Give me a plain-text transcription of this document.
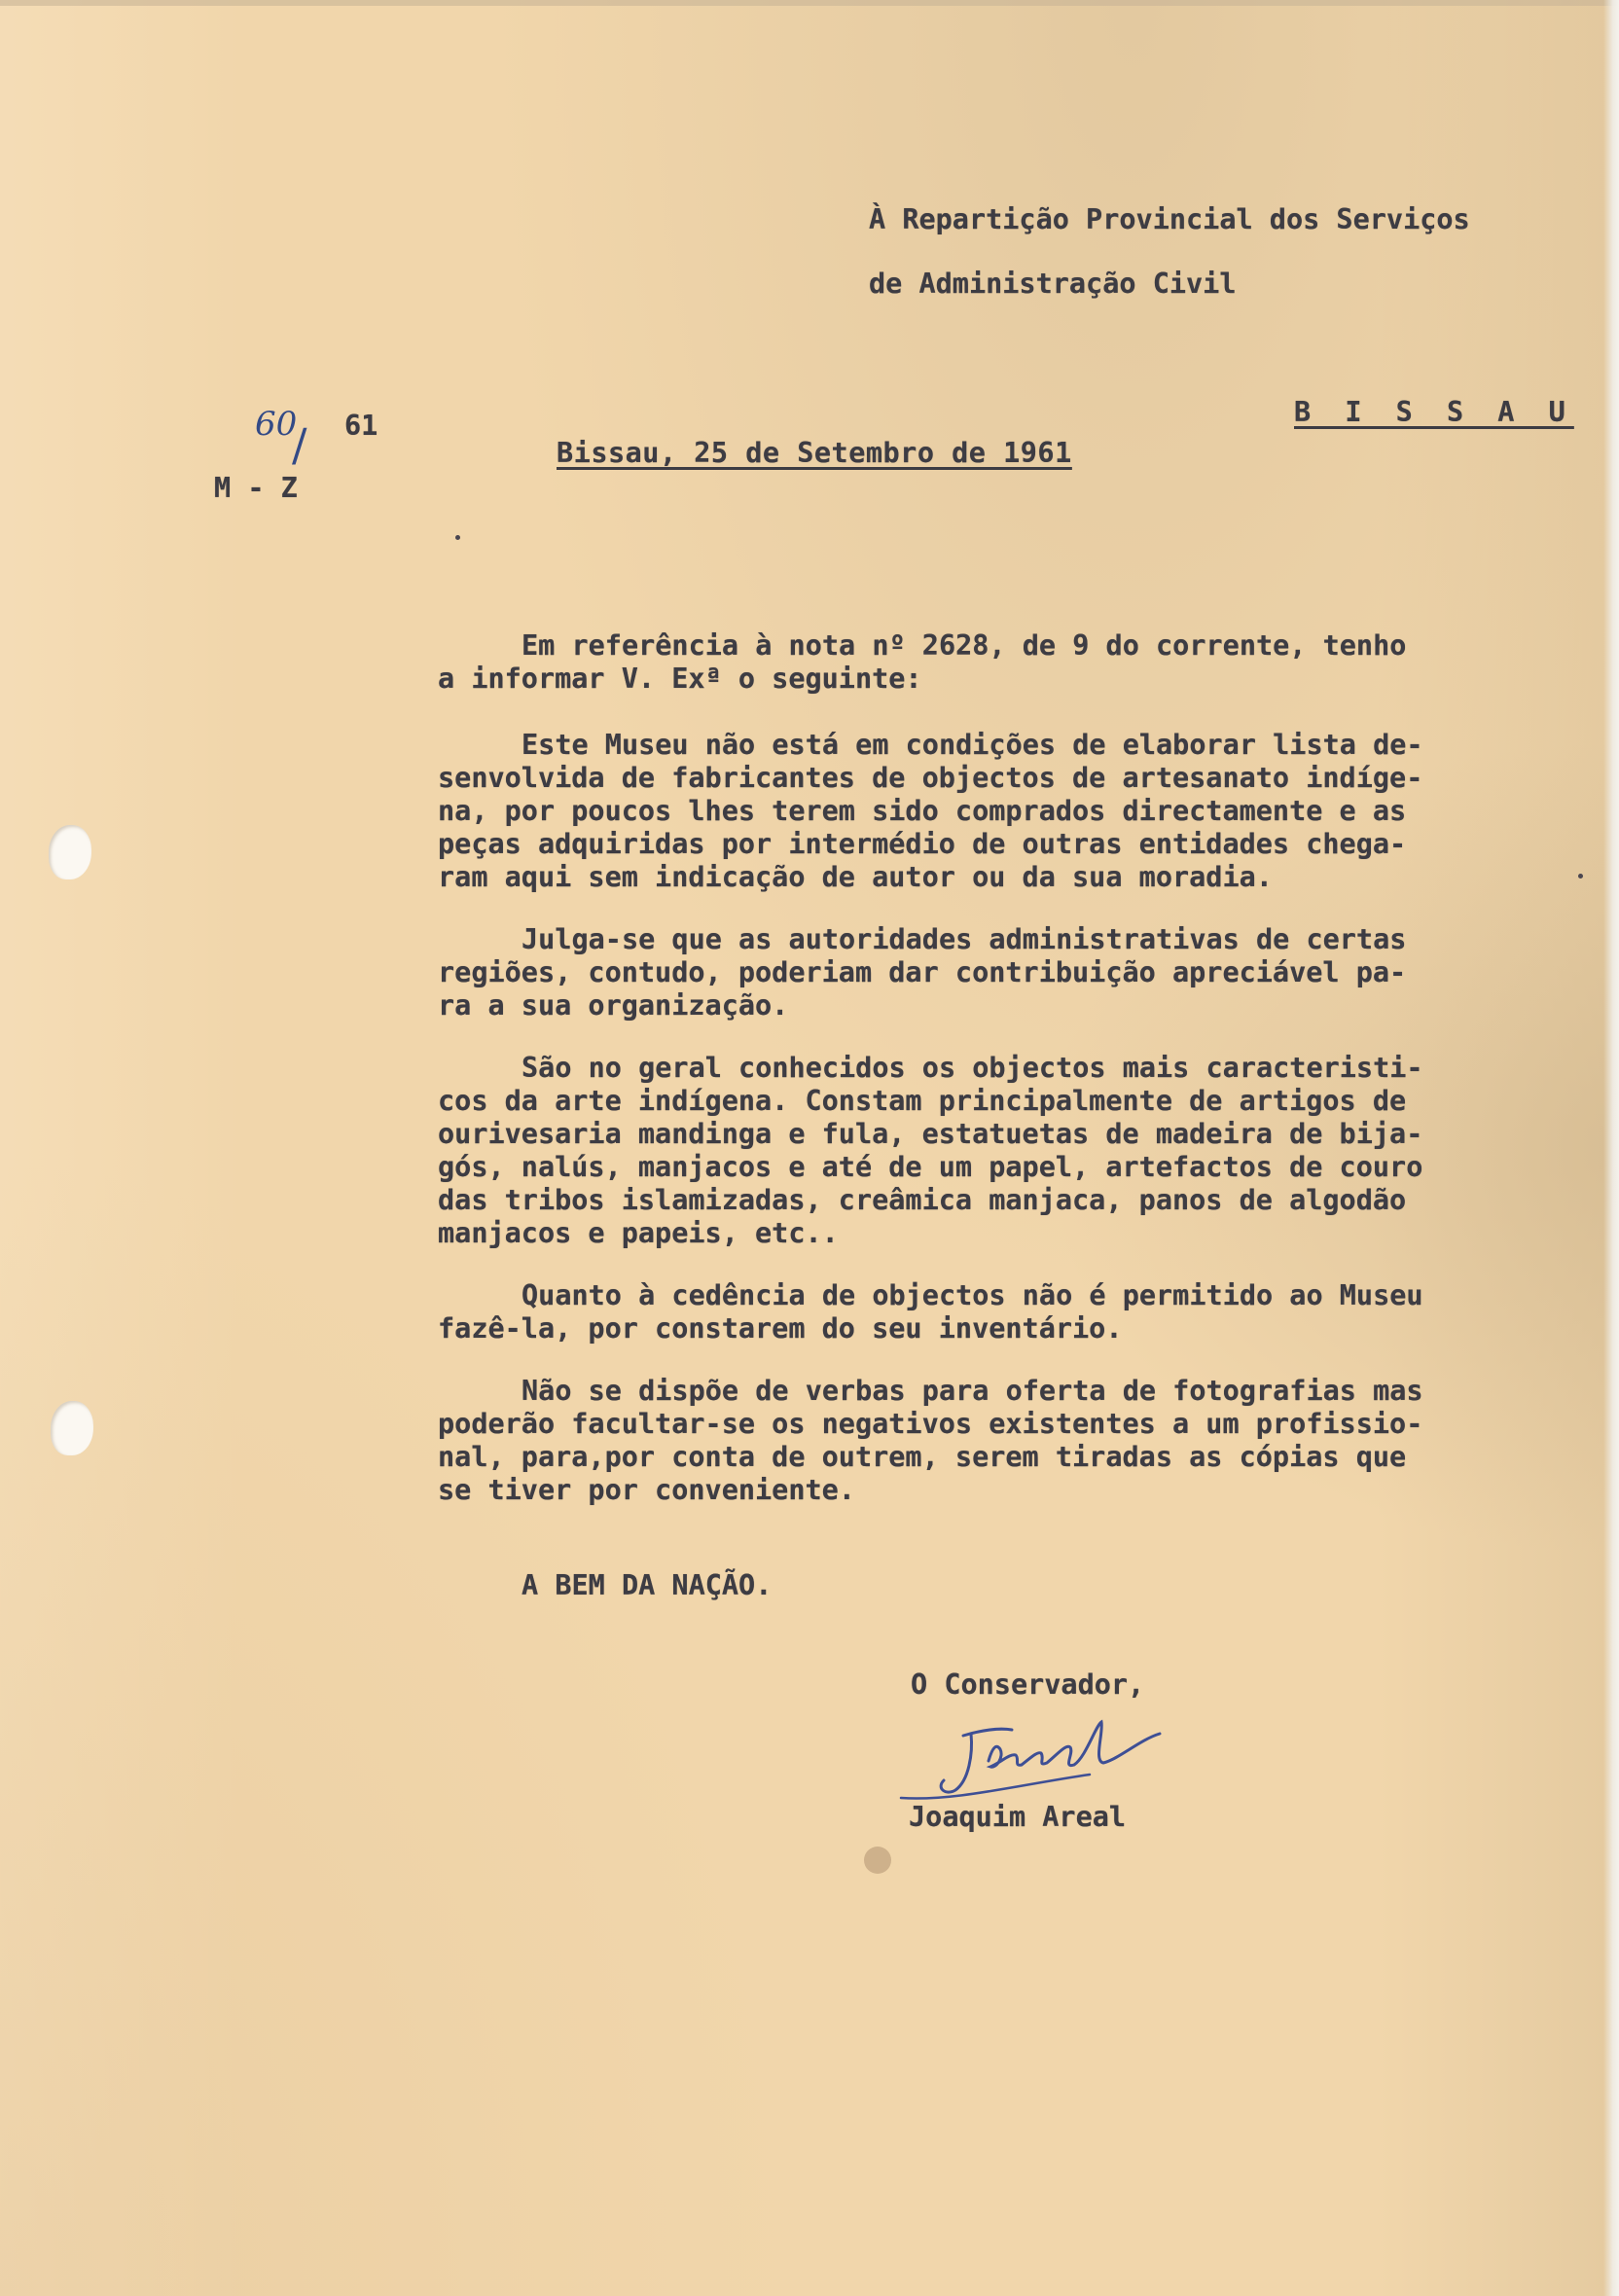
À Repartição Provincial dos Serviços

de Administração Civil

B I S S A U
60
/ 61
M - Z
Bissau, 25 de Setembro de 1961

Em referência à nota nº 2628, de 9 do corrente, tenho

a informar V. Exª o seguinte:

Este Museu não está em condições de elaborar lista de-

senvolvida de fabricantes de objectos de artesanato indíge-

na, por poucos lhes terem sido comprados directamente e as

peças adquiridas por intermédio de outras entidades chega-

ram aqui sem indicação de autor ou da sua moradia.

Julga-se que as autoridades administrativas de certas

regiões, contudo, poderiam dar contribuição apreciável pa-

ra a sua organização.

São no geral conhecidos os objectos mais caracteristi-

cos da arte indígena. Constam principalmente de artigos de

ourivesaria mandinga e fula, estatuetas de madeira de bija-

gós, nalús, manjacos e até de um papel, artefactos de couro

das tribos islamizadas, creâmica manjaca, panos de algodão

manjacos e papeis, etc..

Quanto à cedência de objectos não é permitido ao Museu

fazê-la, por constarem do seu inventário.

Não se dispõe de verbas para oferta de fotografias mas

poderão facultar-se os negativos existentes a um profissio-

nal, para,por conta de outrem, serem tiradas as cópias que

se tiver por conveniente.

A BEM DA NAÇÃO.
O Conservador,
Joaquim Areal
